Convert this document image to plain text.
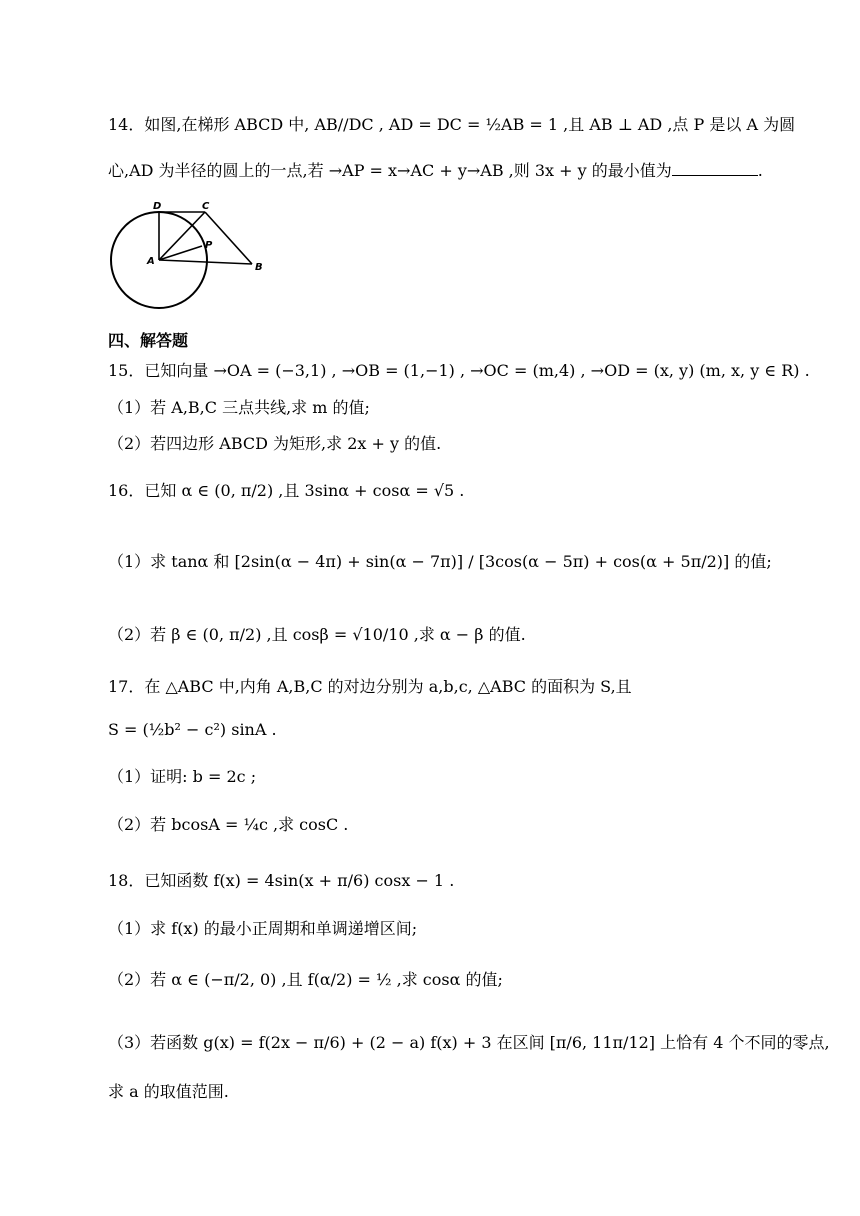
14．如图,在梯形 ABCD 中, AB//DC , AD = DC = ½AB = 1 ,且 AB ⊥ AD ,点 P 是以 A 为圆
心,AD 为半径的圆上的一点,若 →AP = x→AC + y→AB ,则 3x + y 的最小值为	.
D	C
P
A
B
四、解答题
15．已知向量 →OA = (−3,1) , →OB = (1,−1) , →OC = (m,4) , →OD = (x, y) (m, x, y ∈ R) .
（1）若 A,B,C 三点共线,求 m 的值;
（2）若四边形 ABCD 为矩形,求 2x + y 的值.
16．已知 α ∈ (0, π/2) ,且 3sinα + cosα = √5 .
（1）求 tanα 和 [2sin(α − 4π) + sin(α − 7π)] / [3cos(α − 5π) + cos(α + 5π/2)] 的值;
（2）若 β ∈ (0, π/2) ,且 cosβ = √10/10 ,求 α − β 的值.
17．在 △ABC 中,内角 A,B,C 的对边分别为 a,b,c, △ABC 的面积为 S,且
S = (½b² − c²) sinA .
（1）证明: b = 2c ;
（2）若 bcosA = ¼c ,求 cosC .
18．已知函数 f(x) = 4sin(x + π/6) cosx − 1 .
（1）求 f(x) 的最小正周期和单调递增区间;
（2）若 α ∈ (−π/2, 0) ,且 f(α/2) = ½ ,求 cosα 的值;
（3）若函数 g(x) = f(2x − π/6) + (2 − a) f(x) + 3 在区间 [π/6, 11π/12] 上恰有 4 个不同的零点,
求 a 的取值范围.
